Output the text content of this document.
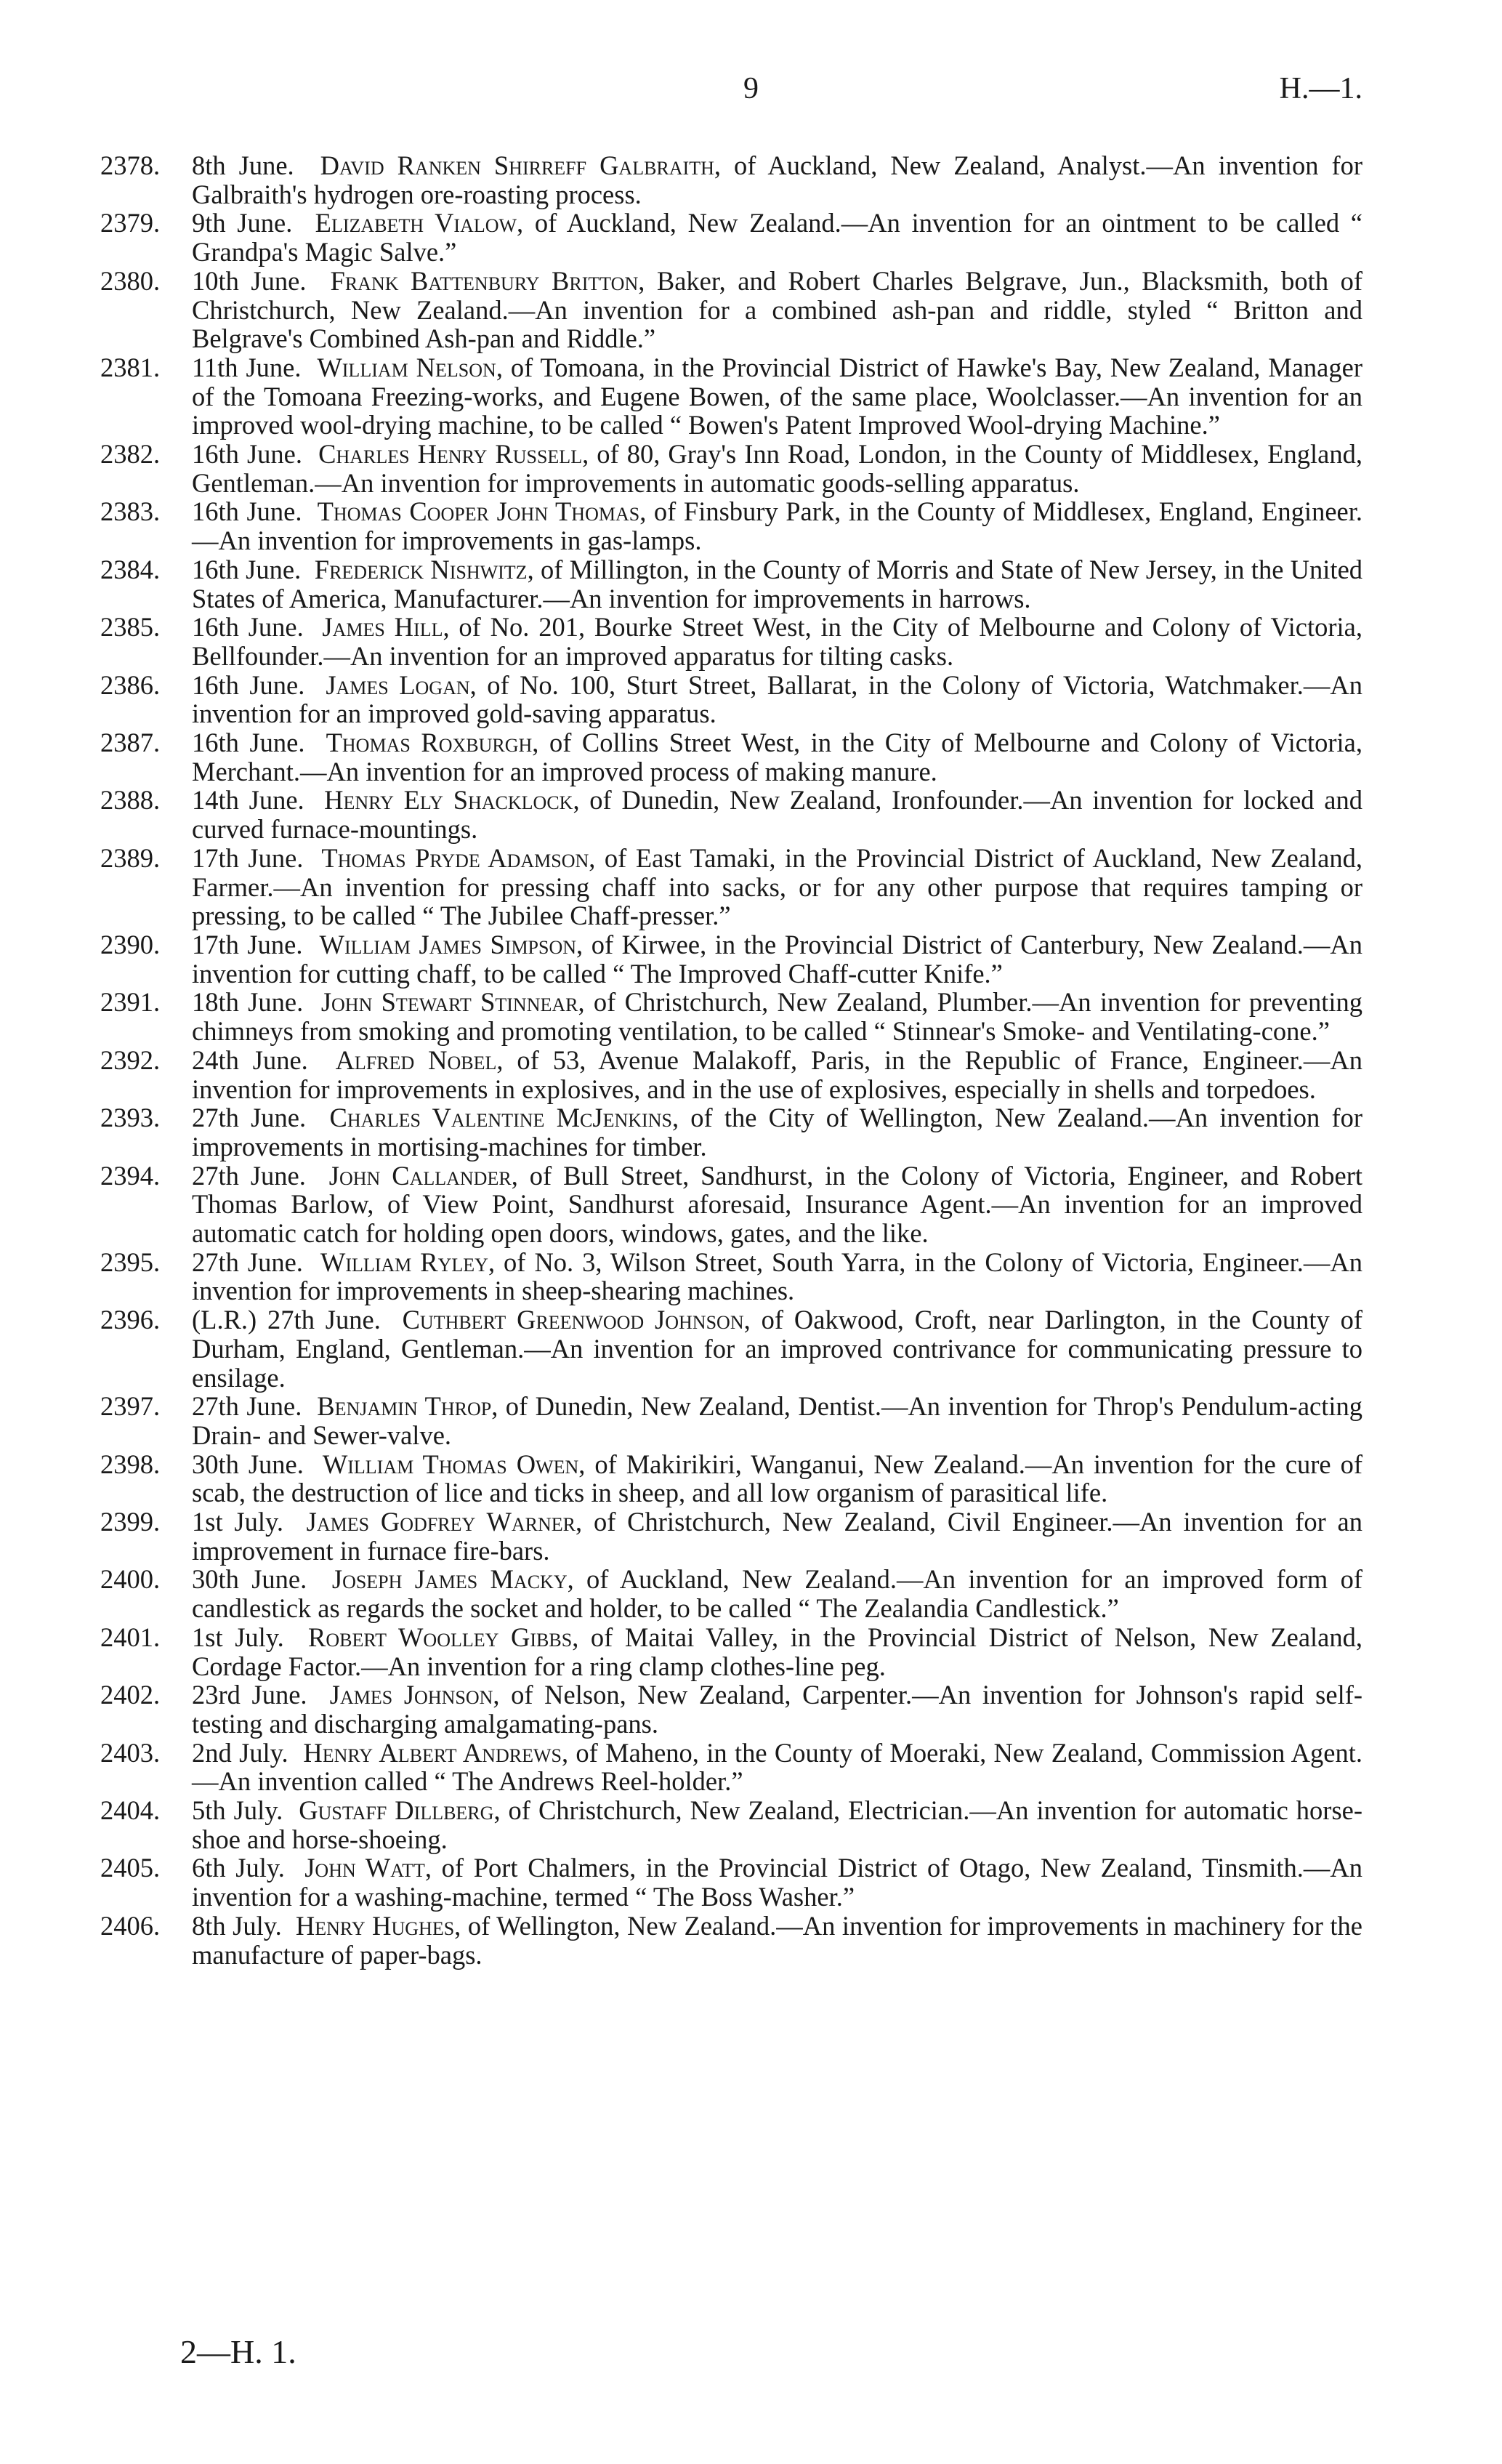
9	H.—1.
2378. 8th June. David Ranken Shirreff Galbraith, of Auckland, New Zealand, Analyst.—An invention for Galbraith's hydrogen ore-roasting process.
2379. 9th June. Elizabeth Vialow, of Auckland, New Zealand.—An invention for an ointment to be called “ Grandpa's Magic Salve.”
2380. 10th June. Frank Battenbury Britton, Baker, and Robert Charles Belgrave, Jun., Blacksmith, both of Christchurch, New Zealand.—An invention for a combined ash-pan and riddle, styled “ Britton and Belgrave's Combined Ash-pan and Riddle.”
2381. 11th June. William Nelson, of Tomoana, in the Provincial District of Hawke's Bay, New Zealand, Manager of the Tomoana Freezing-works, and Eugene Bowen, of the same place, Woolclasser.—An invention for an improved wool-drying machine, to be called “ Bowen's Patent Improved Wool-drying Machine.”
2382. 16th June. Charles Henry Russell, of 80, Gray's Inn Road, London, in the County of Middlesex, England, Gentleman.—An invention for improvements in automatic goods-selling apparatus.
2383. 16th June. Thomas Cooper John Thomas, of Finsbury Park, in the County of Middlesex, England, Engineer.—An invention for improvements in gas-lamps.
2384. 16th June. Frederick Nishwitz, of Millington, in the County of Morris and State of New Jersey, in the United States of America, Manufacturer.—An invention for improvements in harrows.
2385. 16th June. James Hill, of No. 201, Bourke Street West, in the City of Melbourne and Colony of Victoria, Bellfounder.—An invention for an improved apparatus for tilting casks.
2386. 16th June. James Logan, of No. 100, Sturt Street, Ballarat, in the Colony of Victoria, Watchmaker.—An invention for an improved gold-saving apparatus.
2387. 16th June. Thomas Roxburgh, of Collins Street West, in the City of Melbourne and Colony of Victoria, Merchant.—An invention for an improved process of making manure.
2388. 14th June. Henry Ely Shacklock, of Dunedin, New Zealand, Ironfounder.—An invention for locked and curved furnace-mountings.
2389. 17th June. Thomas Pryde Adamson, of East Tamaki, in the Provincial District of Auckland, New Zealand, Farmer.—An invention for pressing chaff into sacks, or for any other purpose that requires tamping or pressing, to be called “ The Jubilee Chaff-presser.”
2390. 17th June. William James Simpson, of Kirwee, in the Provincial District of Canterbury, New Zealand.—An invention for cutting chaff, to be called “ The Improved Chaff-cutter Knife.”
2391. 18th June. John Stewart Stinnear, of Christchurch, New Zealand, Plumber.—An invention for preventing chimneys from smoking and promoting ventilation, to be called “ Stinnear's Smoke- and Ventilating-cone.”
2392. 24th June. Alfred Nobel, of 53, Avenue Malakoff, Paris, in the Republic of France, Engineer.—An invention for improvements in explosives, and in the use of explosives, especially in shells and torpedoes.
2393. 27th June. Charles Valentine McJenkins, of the City of Wellington, New Zealand.—An invention for improvements in mortising-machines for timber.
2394. 27th June. John Callander, of Bull Street, Sandhurst, in the Colony of Victoria, Engineer, and Robert Thomas Barlow, of View Point, Sandhurst aforesaid, Insurance Agent.—An invention for an improved automatic catch for holding open doors, windows, gates, and the like.
2395. 27th June. William Ryley, of No. 3, Wilson Street, South Yarra, in the Colony of Victoria, Engineer.—An invention for improvements in sheep-shearing machines.
2396. (L.R.) 27th June. Cuthbert Greenwood Johnson, of Oakwood, Croft, near Darlington, in the County of Durham, England, Gentleman.—An invention for an improved contrivance for communicating pressure to ensilage.
2397. 27th June. Benjamin Throp, of Dunedin, New Zealand, Dentist.—An invention for Throp's Pendulum-acting Drain- and Sewer-valve.
2398. 30th June. William Thomas Owen, of Makirikiri, Wanganui, New Zealand.—An invention for the cure of scab, the destruction of lice and ticks in sheep, and all low organism of parasitical life.
2399. 1st July. James Godfrey Warner, of Christchurch, New Zealand, Civil Engineer.—An invention for an improvement in furnace fire-bars.
2400. 30th June. Joseph James Macky, of Auckland, New Zealand.—An invention for an improved form of candlestick as regards the socket and holder, to be called “ The Zealandia Candlestick.”
2401. 1st July. Robert Woolley Gibbs, of Maitai Valley, in the Provincial District of Nelson, New Zealand, Cordage Factor.—An invention for a ring clamp clothes-line peg.
2402. 23rd June. James Johnson, of Nelson, New Zealand, Carpenter.—An invention for Johnson's rapid self-testing and discharging amalgamating-pans.
2403. 2nd July. Henry Albert Andrews, of Maheno, in the County of Moeraki, New Zealand, Commission Agent.—An invention called “ The Andrews Reel-holder.”
2404. 5th July. Gustaff Dillberg, of Christchurch, New Zealand, Electrician.—An invention for automatic horse-shoe and horse-shoeing.
2405. 6th July. John Watt, of Port Chalmers, in the Provincial District of Otago, New Zealand, Tinsmith.—An invention for a washing-machine, termed “ The Boss Washer.”
2406. 8th July. Henry Hughes, of Wellington, New Zealand.—An invention for improvements in machinery for the manufacture of paper-bags.
2—H. 1.
